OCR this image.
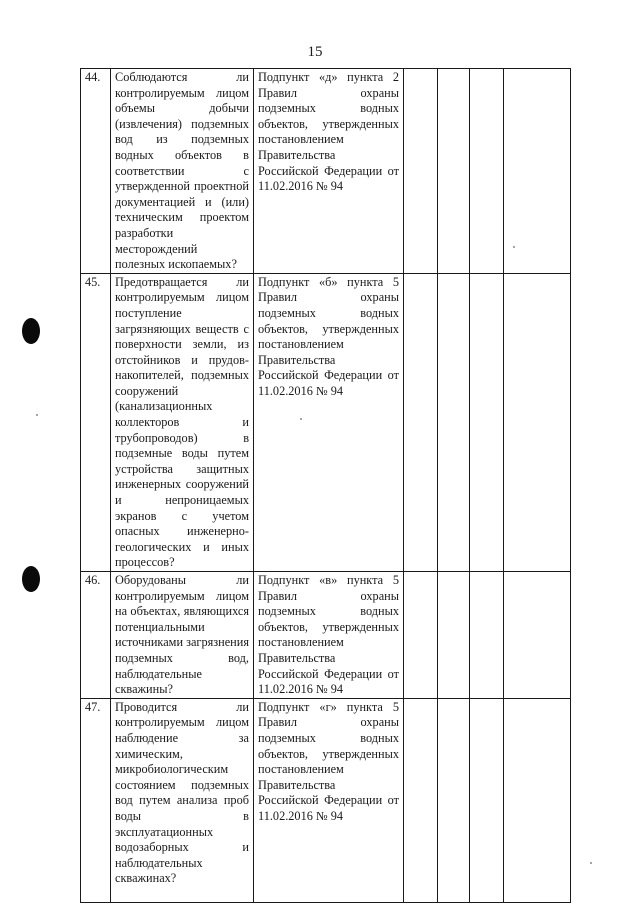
15
44.	Соблюдаются ли контролируемым лицом объемы добычи (извлечения) подземных вод из подземных водных объектов в соответствии с утвержденной проектной документацией и (или) техническим проектом разработки месторождений полезных ископаемых?	Подпункт «д» пункта 2 Правил охраны подземных водных объектов, утвержденных постановлением Правительства Российской Федерации от 11.02.2016 № 94				
45.	Предотвращается ли контролируемым лицом поступление загрязняющих веществ с поверхности земли, из отстойников и прудов-накопителей, подземных сооружений (канализационных коллекторов и трубопроводов) в подземные воды путем устройства защитных инженерных сооружений и непроницаемых экранов с учетом опасных инженерно-геологических и иных процессов?	Подпункт «б» пункта 5 Правил охраны подземных водных объектов, утвержденных постановлением Правительства Российской Федерации от 11.02.2016 № 94				
46.	Оборудованы ли контролируемым лицом на объектах, являющихся потенциальными источниками загрязнения подземных вод, наблюдательные скважины?	Подпункт «в» пункта 5 Правил охраны подземных водных объектов, утвержденных постановлением Правительства Российской Федерации от 11.02.2016 № 94				
47.	Проводится ли контролируемым лицом наблюдение за химическим, микробиологическим состоянием подземных вод путем анализа проб воды в эксплуатационных водозаборных и наблюдательных скважинах?	Подпункт «г» пункта 5 Правил охраны подземных водных объектов, утвержденных постановлением Правительства Российской Федерации от 11.02.2016 № 94				
